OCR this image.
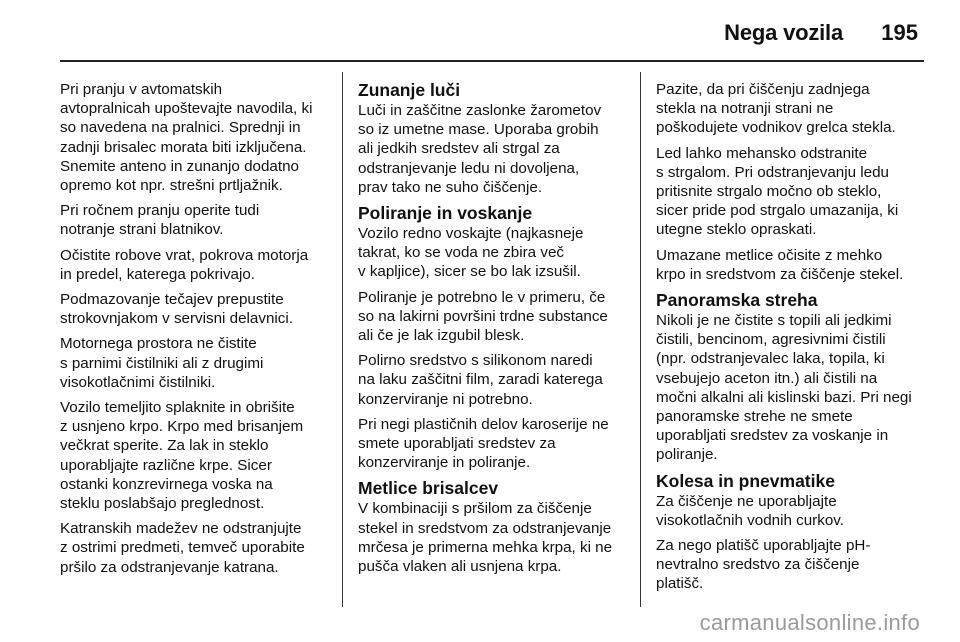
Nega vozila 195

Pri pranju v avtomatskih
avtopralnicah upoštevajte navodila, ki
so navedena na pralnici. Sprednji in
zadnji brisalec morata biti izključena.
Snemite anteno in zunanjo dodatno
opremo kot npr. strešni prtljažnik.

Pri ročnem pranju operite tudi
notranje strani blatnikov.

Očistite robove vrat, pokrova motorja
in predel, katerega pokrivajo.

Podmazovanje tečajev prepustite
strokovnjakom v servisni delavnici.

Motornega prostora ne čistite
s parnimi čistilniki ali z drugimi
visokotlačnimi čistilniki.

Vozilo temeljito splaknite in obrišite
z usnjeno krpo. Krpo med brisanjem
večkrat sperite. Za lak in steklo
uporabljajte različne krpe. Sicer
ostanki konzrevirnega voska na
steklu poslabšajo preglednost.

Katranskih madežev ne odstranjujte
z ostrimi predmeti, temveč uporabite
pršilo za odstranjevanje katrana.

Zunanje luči

Luči in zaščitne zaslonke žarometov
so iz umetne mase. Uporaba grobih
ali jedkih sredstev ali strgal za
odstranjevanje ledu ni dovoljena,
prav tako ne suho čiščenje.

Poliranje in voskanje

Vozilo redno voskajte (najkasneje
takrat, ko se voda ne zbira več
v kapljice), sicer se bo lak izsušil.

Poliranje je potrebno le v primeru, če
so na lakirni površini trdne substance
ali če je lak izgubil blesk.

Polirno sredstvo s silikonom naredi
na laku zaščitni film, zaradi katerega
konzerviranje ni potrebno.

Pri negi plastičnih delov karoserije ne
smete uporabljati sredstev za
konzerviranje in poliranje.

Metlice brisalcev

V kombinaciji s pršilom za čiščenje
stekel in sredstvom za odstranjevanje
mrčesa je primerna mehka krpa, ki ne
pušča vlaken ali usnjena krpa.

Pazite, da pri čiščenju zadnjega
stekla na notranji strani ne
poškodujete vodnikov grelca stekla.

Led lahko mehansko odstranite
s strgalom. Pri odstranjevanju ledu
pritisnite strgalo močno ob steklo,
sicer pride pod strgalo umazanija, ki
utegne steklo opraskati.

Umazane metlice očisite z mehko
krpo in sredstvom za čiščenje stekel.

Panoramska streha

Nikoli je ne čistite s topili ali jedkimi
čistili, bencinom, agresivnimi čistili
(npr. odstranjevalec laka, topila, ki
vsebujejo aceton itn.) ali čistili na
močni alkalni ali kislinski bazi. Pri negi
panoramske strehe ne smete
uporabljati sredstev za voskanje in
poliranje.

Kolesa in pnevmatike

Za čiščenje ne uporabljajte
visokotlačnih vodnih curkov.

Za nego platišč uporabljajte pH-
nevtralno sredstvo za čiščenje
platišč.

carmanualsonline.info
